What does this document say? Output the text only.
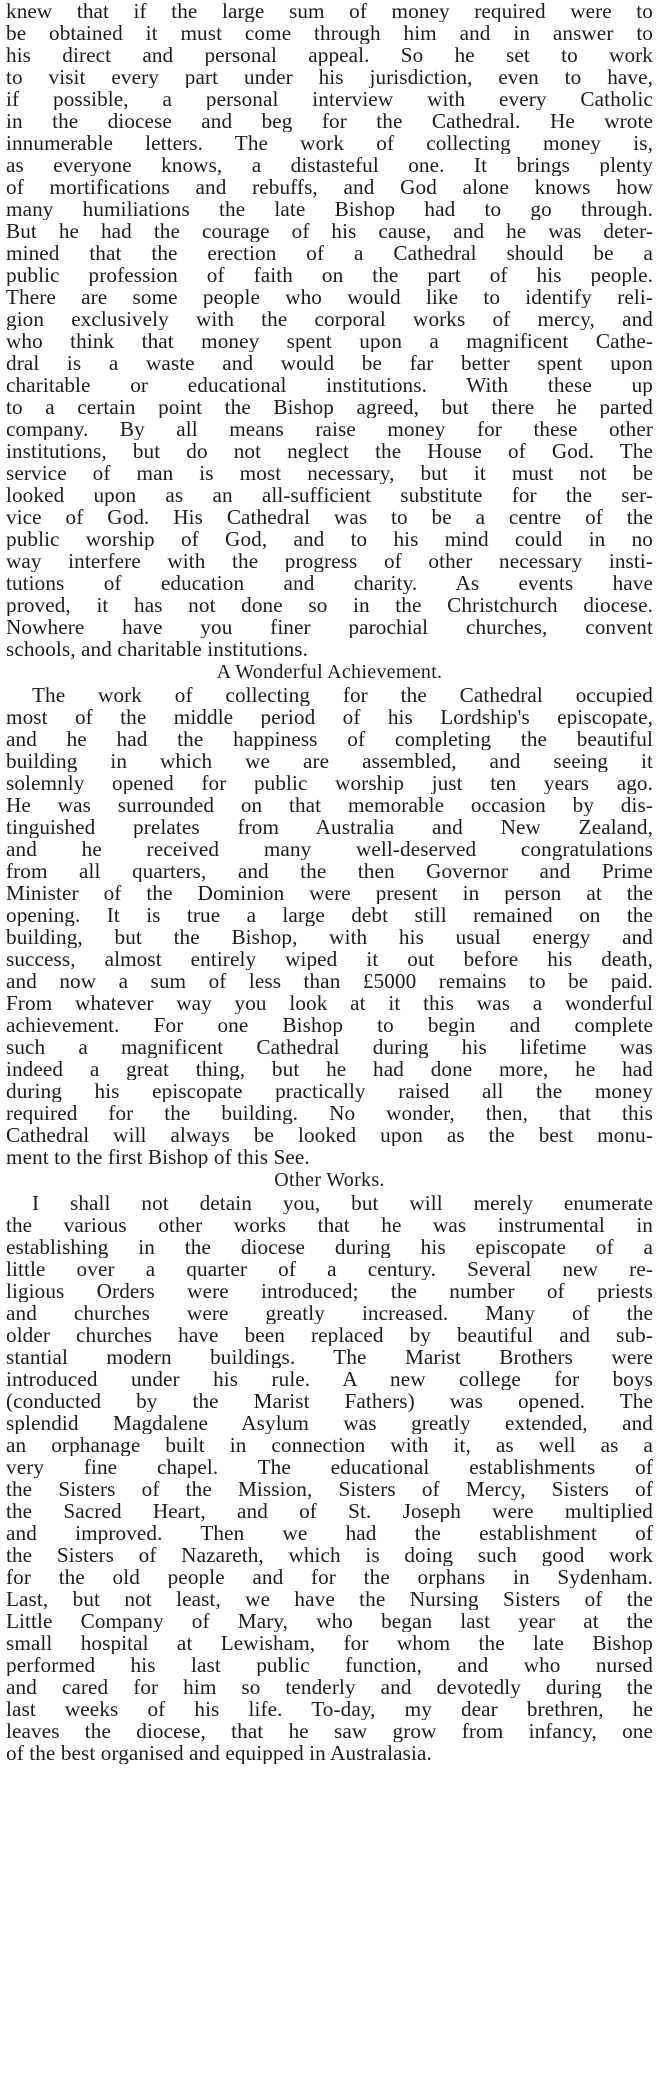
knew that if the large sum of money required were to
be obtained it must come through him and in answer to
his direct and personal appeal. So he set to work
to visit every part under his jurisdiction, even to have,
if possible, a personal interview with every Catholic
in the diocese and beg for the Cathedral. He wrote
innumerable letters. The work of collecting money is,
as everyone knows, a distasteful one. It brings plenty
of mortifications and rebuffs, and God alone knows how
many humiliations the late Bishop had to go through.
But he had the courage of his cause, and he was deter-
mined that the erection of a Cathedral should be a
public profession of faith on the part of his people.
There are some people who would like to identify reli-
gion exclusively with the corporal works of mercy, and
who think that money spent upon a magnificent Cathe-
dral is a waste and would be far better spent upon
charitable or educational institutions. With these up
to a certain point the Bishop agreed, but there he parted
company. By all means raise money for these other
institutions, but do not neglect the House of God. The
service of man is most necessary, but it must not be
looked upon as an all-sufficient substitute for the ser-
vice of God. His Cathedral was to be a centre of the
public worship of God, and to his mind could in no
way interfere with the progress of other necessary insti-
tutions of education and charity. As events have
proved, it has not done so in the Christchurch diocese.
Nowhere have you finer parochial churches, convent
schools, and charitable institutions.
A Wonderful Achievement.
The work of collecting for the Cathedral occupied
most of the middle period of his Lordship's episcopate,
and he had the happiness of completing the beautiful
building in which we are assembled, and seeing it
solemnly opened for public worship just ten years ago.
He was surrounded on that memorable occasion by dis-
tinguished prelates from Australia and New Zealand,
and he received many well-deserved congratulations
from all quarters, and the then Governor and Prime
Minister of the Dominion were present in person at the
opening. It is true a large debt still remained on the
building, but the Bishop, with his usual energy and
success, almost entirely wiped it out before his death,
and now a sum of less than £5000 remains to be paid.
From whatever way you look at it this was a wonderful
achievement. For one Bishop to begin and complete
such a magnificent Cathedral during his lifetime was
indeed a great thing, but he had done more, he had
during his episcopate practically raised all the money
required for the building. No wonder, then, that this
Cathedral will always be looked upon as the best monu-
ment to the first Bishop of this See.
Other Works.
I shall not detain you, but will merely enumerate
the various other works that he was instrumental in
establishing in the diocese during his episcopate of a
little over a quarter of a century. Several new re-
ligious Orders were introduced; the number of priests
and churches were greatly increased. Many of the
older churches have been replaced by beautiful and sub-
stantial modern buildings. The Marist Brothers were
introduced under his rule. A new college for boys
(conducted by the Marist Fathers) was opened. The
splendid Magdalene Asylum was greatly extended, and
an orphanage built in connection with it, as well as a
very fine chapel. The educational establishments of
the Sisters of the Mission, Sisters of Mercy, Sisters of
the Sacred Heart, and of St. Joseph were multiplied
and improved. Then we had the establishment of
the Sisters of Nazareth, which is doing such good work
for the old people and for the orphans in Sydenham.
Last, but not least, we have the Nursing Sisters of the
Little Company of Mary, who began last year at the
small hospital at Lewisham, for whom the late Bishop
performed his last public function, and who nursed
and cared for him so tenderly and devotedly during the
last weeks of his life. To-day, my dear brethren, he
leaves the diocese, that he saw grow from infancy, one
of the best organised and equipped in Australasia.
